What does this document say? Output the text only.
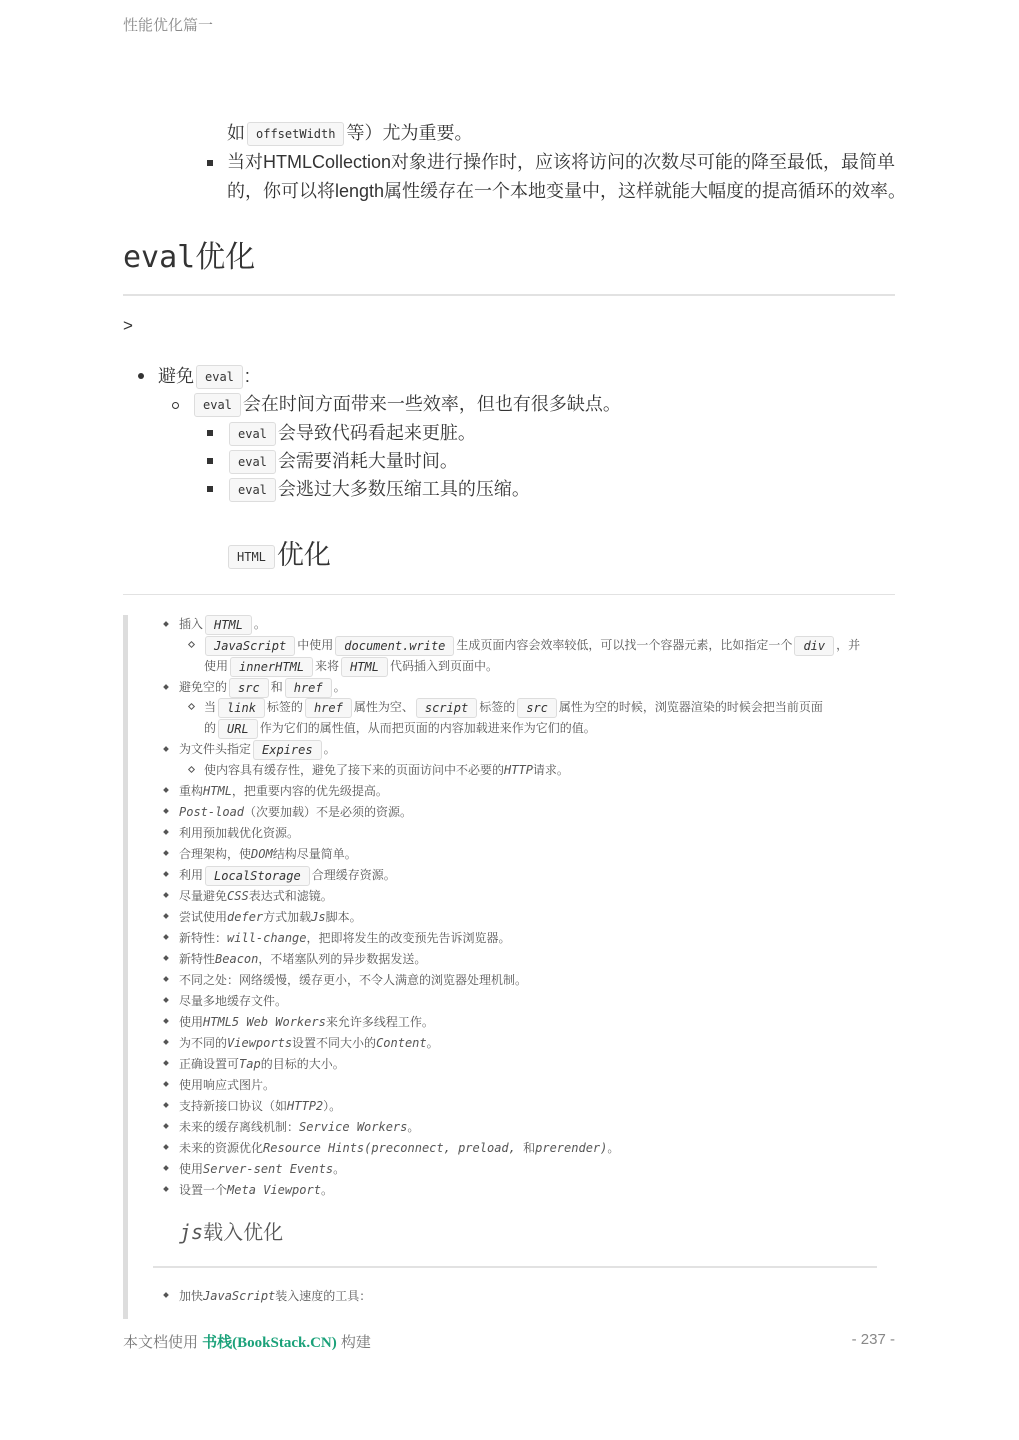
性能优化篇一
如 offsetWidth 等）尤为重要。
当对HTMLCollection对象进行操作时，应该将访问的次数尽可能的降至最低，最简单
的，你可以将length属性缓存在一个本地变量中，这样就能大幅度的提高循环的效率。
eval优化
>
避免 eval :
eval 会在时间方面带来一些效率，但也有很多缺点。
eval 会导致代码看起来更脏。
eval 会需要消耗大量时间。
eval 会逃过大多数压缩工具的压缩。
HTML 优化
插入 HTML 。
JavaScript 中使用 document.write 生成页面内容会效率较低，可以找一个容器元素，比如指定一个 div ，并
使用 innerHTML 来将 HTML 代码插入到页面中。
避免空的 src 和 href 。
当 link 标签的 href 属性为空、 script 标签的 src 属性为空的时候，浏览器渲染的时候会把当前页面
的 URL 作为它们的属性值，从而把页面的内容加载进来作为它们的值。
为文件头指定 Expires 。
使内容具有缓存性，避免了接下来的页面访问中不必要的HTTP请求。
重构HTML，把重要内容的优先级提高。
Post-load（次要加载）不是必须的资源。
利用预加载优化资源。
合理架构，使DOM结构尽量简单。
利用 LocalStorage 合理缓存资源。
尽量避免CSS表达式和滤镜。
尝试使用defer方式加载Js脚本。
新特性：will-change，把即将发生的改变预先告诉浏览器。
新特性Beacon，不堵塞队列的异步数据发送。
不同之处：网络缓慢，缓存更小，不令人满意的浏览器处理机制。
尽量多地缓存文件。
使用HTML5 Web Workers来允许多线程工作。
为不同的Viewports设置不同大小的Content。
正确设置可Tap的目标的大小。
使用响应式图片。
支持新接口协议（如HTTP2）。
未来的缓存离线机制：Service Workers。
未来的资源优化Resource Hints(preconnect, preload, 和prerender)。
使用Server-sent Events。
设置一个Meta Viewport。
js载入优化
加快JavaScript装入速度的工具：
本文档使用 书栈(BookStack.CN) 构建	- 237 -
